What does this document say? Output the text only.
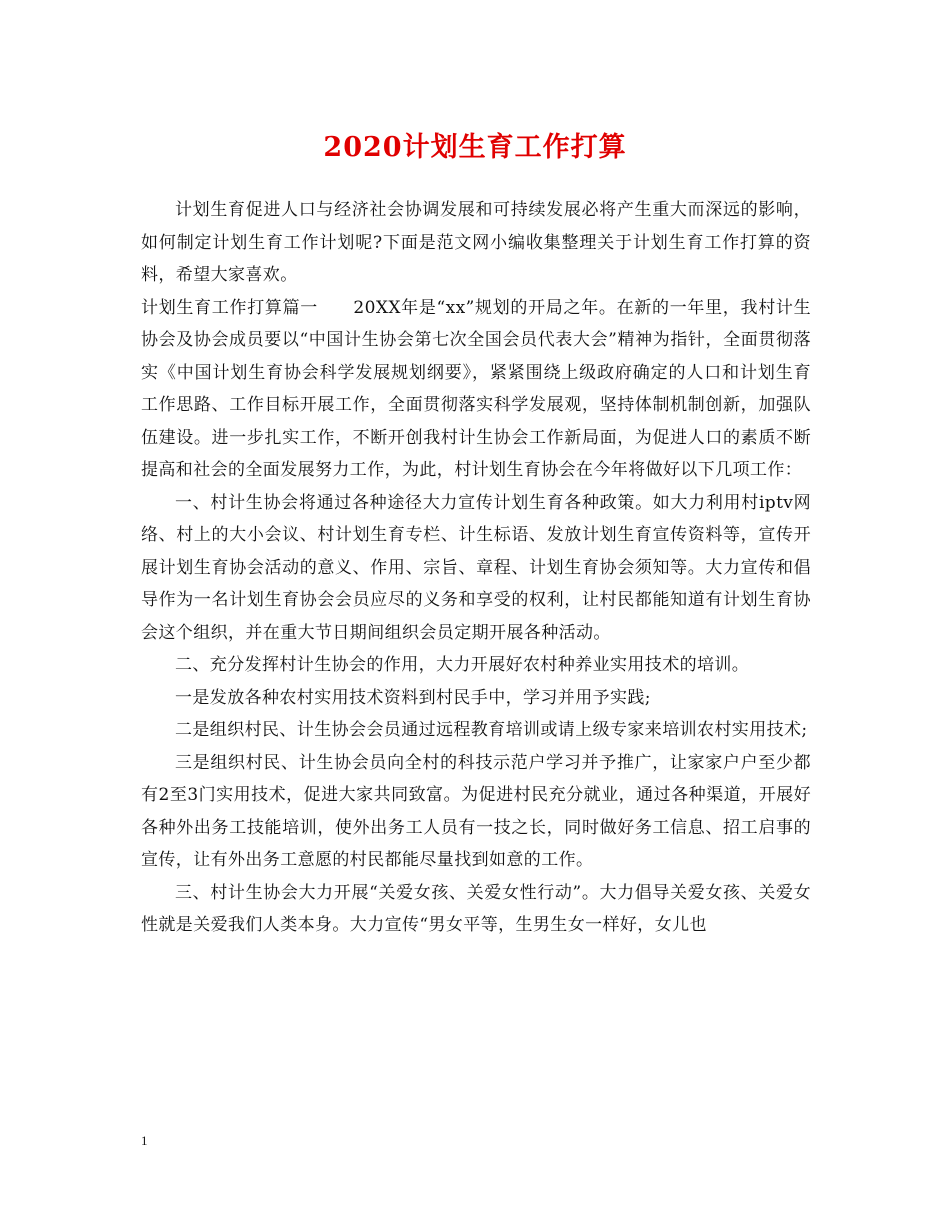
2020计划生育工作打算

计划生育促进人口与经济社会协调发展和可持续发展必将产生重大而深远的影响，如何制定计划生育工作计划呢?下面是范文网小编收集整理关于计划生育工作打算的资料，希望大家喜欢。

计划生育工作打算篇一　　20XX年是“xx”规划的开局之年。在新的一年里，我村计生协会及协会成员要以“中国计生协会第七次全国会员代表大会”精神为指针，全面贯彻落实《中国计划生育协会科学发展规划纲要》，紧紧围绕上级政府确定的人口和计划生育工作思路、工作目标开展工作，全面贯彻落实科学发展观，坚持体制机制创新，加强队伍建设。进一步扎实工作，不断开创我村计生协会工作新局面，为促进人口的素质不断提高和社会的全面发展努力工作，为此，村计划生育协会在今年将做好以下几项工作：

一、村计生协会将通过各种途径大力宣传计划生育各种政策。如大力利用村iptv网络、村上的大小会议、村计划生育专栏、计生标语、发放计划生育宣传资料等，宣传开展计划生育协会活动的意义、作用、宗旨、章程、计划生育协会须知等。大力宣传和倡导作为一名计划生育协会会员应尽的义务和享受的权利，让村民都能知道有计划生育协会这个组织，并在重大节日期间组织会员定期开展各种活动。

二、充分发挥村计生协会的作用，大力开展好农村种养业实用技术的培训。

一是发放各种农村实用技术资料到村民手中，学习并用予实践;

二是组织村民、计生协会会员通过远程教育培训或请上级专家来培训农村实用技术;

三是组织村民、计生协会员向全村的科技示范户学习并予推广，让家家户户至少都有2至3门实用技术，促进大家共同致富。为促进村民充分就业，通过各种渠道，开展好各种外出务工技能培训，使外出务工人员有一技之长，同时做好务工信息、招工启事的宣传，让有外出务工意愿的村民都能尽量找到如意的工作。

三、村计生协会大力开展“关爱女孩、关爱女性行动”。大力倡导关爱女孩、关爱女性就是关爱我们人类本身。大力宣传“男女平等，生男生女一样好，女儿也

1
